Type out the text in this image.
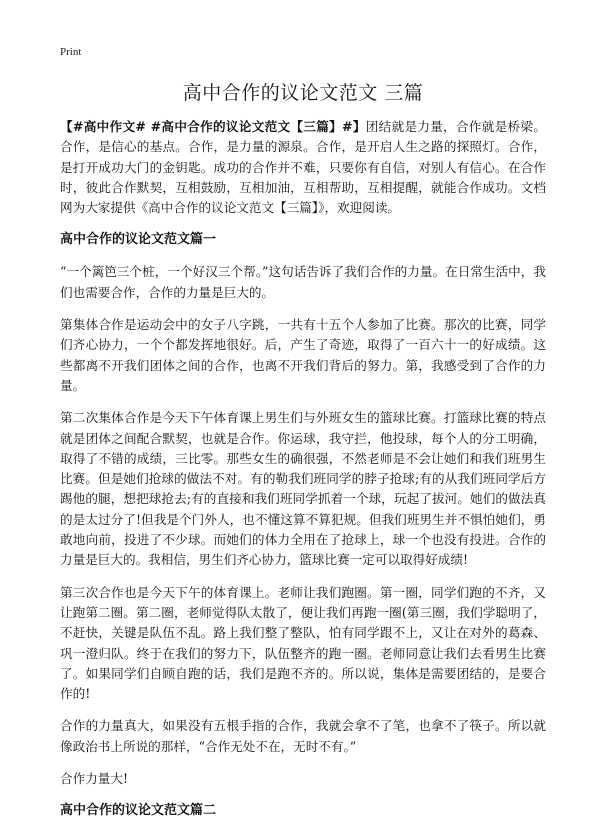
Print
高中合作的议论文范文 三篇

【#高中作文# #高中合作的议论文范文【三篇】#】团结就是力量，合作就是桥梁。合作，是信心的基点。合作，是力量的源泉。合作，是开启人生之路的探照灯。合作，是打开成功大门的金钥匙。成功的合作并不难，只要你有自信，对别人有信心。在合作时，彼此合作默契，互相鼓励，互相加油，互相帮助，互相提醒，就能合作成功。文档网为大家提供《高中合作的议论文范文【三篇】》，欢迎阅读。

高中合作的议论文范文篇一

“一个篱笆三个桩，一个好汉三个帮。”这句话告诉了我们合作的力量。在日常生活中，我们也需要合作，合作的力量是巨大的。

第集体合作是运动会中的女子八字跳，一共有十五个人参加了比赛。那次的比赛，同学们齐心协力，一个个都发挥地很好。后，产生了奇迹，取得了一百六十一的好成绩。这些都离不开我们团体之间的合作，也离不开我们背后的努力。第，我感受到了合作的力量。

第二次集体合作是今天下午体育课上男生们与外班女生的篮球比赛。打篮球比赛的特点就是团体之间配合默契，也就是合作。你运球，我守拦，他投球，每个人的分工明确，取得了不错的成绩，三比零。那些女生的确很强，不然老师是不会让她们和我们班男生比赛。但是她们抢球的做法不对。有的勒我们班同学的脖子抢球;有的从我们班同学后方踢他的腿，想把球抢去;有的直接和我们班同学抓着一个球，玩起了拔河。她们的做法真的是太过分了!但我是个门外人，也不懂这算不算犯规。但我们班男生并不惧怕她们，勇敢地向前，投进了不少球。而她们的体力全用在了抢球上，球一个也没有投进。合作的力量是巨大的。我相信，男生们齐心协力，篮球比赛一定可以取得好成绩!

第三次合作也是今天下午的体育课上。老师让我们跑圈。第一圈，同学们跑的不齐，又让跑第二圈。第二圈，老师觉得队太散了，便让我们再跑一圈(第三圈，我们学聪明了，不赶快，关键是队伍不乱。路上我们整了整队，怕有同学跟不上，又让在对外的葛森、巩一澄归队。终于在我们的努力下，队伍整齐的跑一圈。老师同意让我们去看男生比赛了。如果同学们自顾自跑的话，我们是跑不齐的。所以说，集体是需要团结的，是要合作的!

合作的力量真大，如果没有五根手指的合作，我就会拿不了笔，也拿不了筷子。所以就像政治书上所说的那样，“合作无处不在，无时不有。”

合作力量大!

高中合作的议论文范文篇二
